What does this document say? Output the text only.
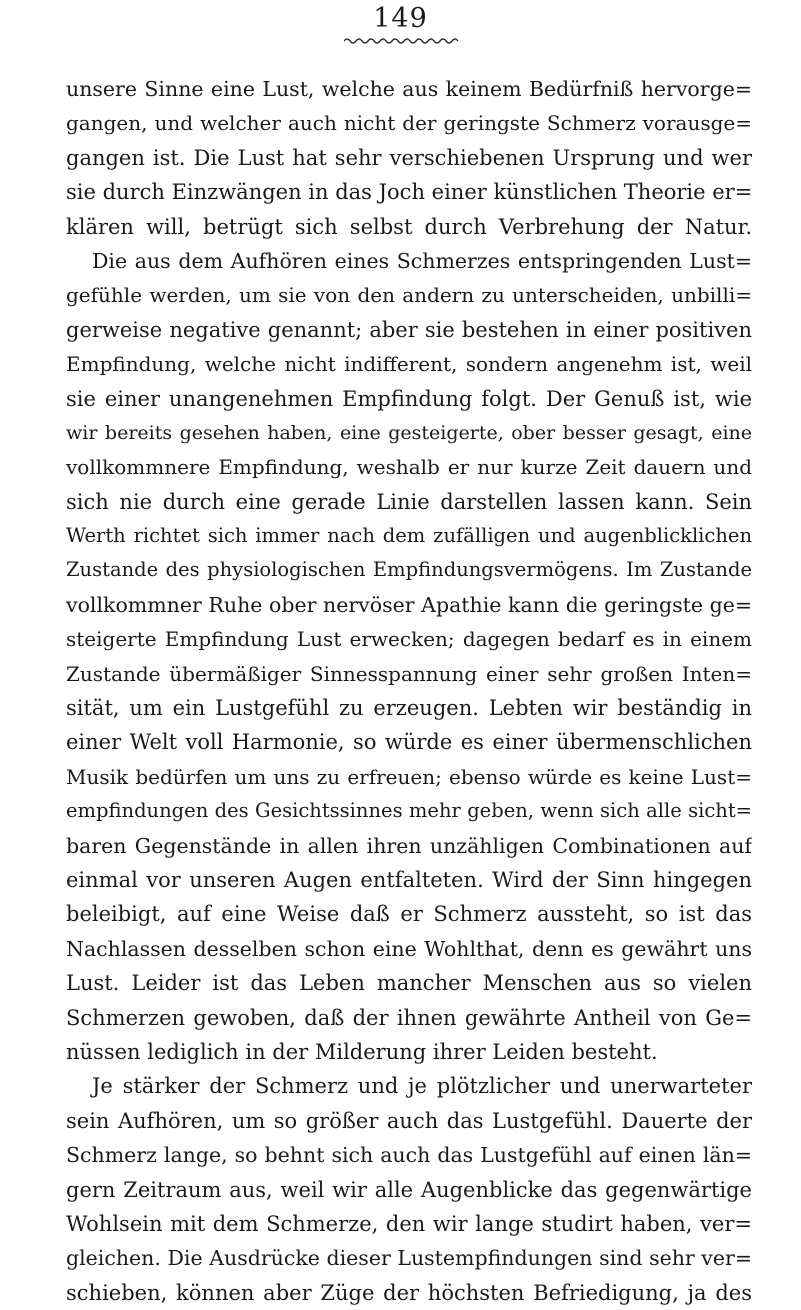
149
unsere Sinne eine Lust, welche aus keinem Bedürfniß hervorge=
gangen, und welcher auch nicht der geringste Schmerz vorausge=
gangen ist. Die Lust hat sehr verschiebenen Ursprung und wer
sie durch Einzwängen in das Joch einer künstlichen Theorie er=
klären will, betrügt sich selbst durch Verbrehung der Natur.
Die aus dem Aufhören eines Schmerzes entspringenden Lust=
gefühle werden, um sie von den andern zu unterscheiden, unbilli=
gerweise negative genannt; aber sie bestehen in einer positiven
Empfindung, welche nicht indifferent, sondern angenehm ist, weil
sie einer unangenehmen Empfindung folgt. Der Genuß ist, wie
wir bereits gesehen haben, eine gesteigerte, ober besser gesagt, eine
vollkommnere Empfindung, weshalb er nur kurze Zeit dauern und
sich nie durch eine gerade Linie darstellen lassen kann. Sein
Werth richtet sich immer nach dem zufälligen und augenblicklichen
Zustande des physiologischen Empfindungsvermögens. Im Zustande
vollkommner Ruhe ober nervöser Apathie kann die geringste ge=
steigerte Empfindung Lust erwecken; dagegen bedarf es in einem
Zustande übermäßiger Sinnesspannung einer sehr großen Inten=
sität, um ein Lustgefühl zu erzeugen. Lebten wir beständig in
einer Welt voll Harmonie, so würde es einer übermenschlichen
Musik bedürfen um uns zu erfreuen; ebenso würde es keine Lust=
empfindungen des Gesichtssinnes mehr geben, wenn sich alle sicht=
baren Gegenstände in allen ihren unzähligen Combinationen auf
einmal vor unseren Augen entfalteten. Wird der Sinn hingegen
beleibigt, auf eine Weise daß er Schmerz aussteht, so ist das
Nachlassen desselben schon eine Wohlthat, denn es gewährt uns
Lust. Leider ist das Leben mancher Menschen aus so vielen
Schmerzen gewoben, daß der ihnen gewährte Antheil von Ge=
nüssen lediglich in der Milderung ihrer Leiden besteht.
Je stärker der Schmerz und je plötzlicher und unerwarteter
sein Aufhören, um so größer auch das Lustgefühl. Dauerte der
Schmerz lange, so behnt sich auch das Lustgefühl auf einen län=
gern Zeitraum aus, weil wir alle Augenblicke das gegenwärtige
Wohlsein mit dem Schmerze, den wir lange studirt haben, ver=
gleichen. Die Ausdrücke dieser Lustempfindungen sind sehr ver=
schieben, können aber Züge der höchsten Befriedigung, ja des
